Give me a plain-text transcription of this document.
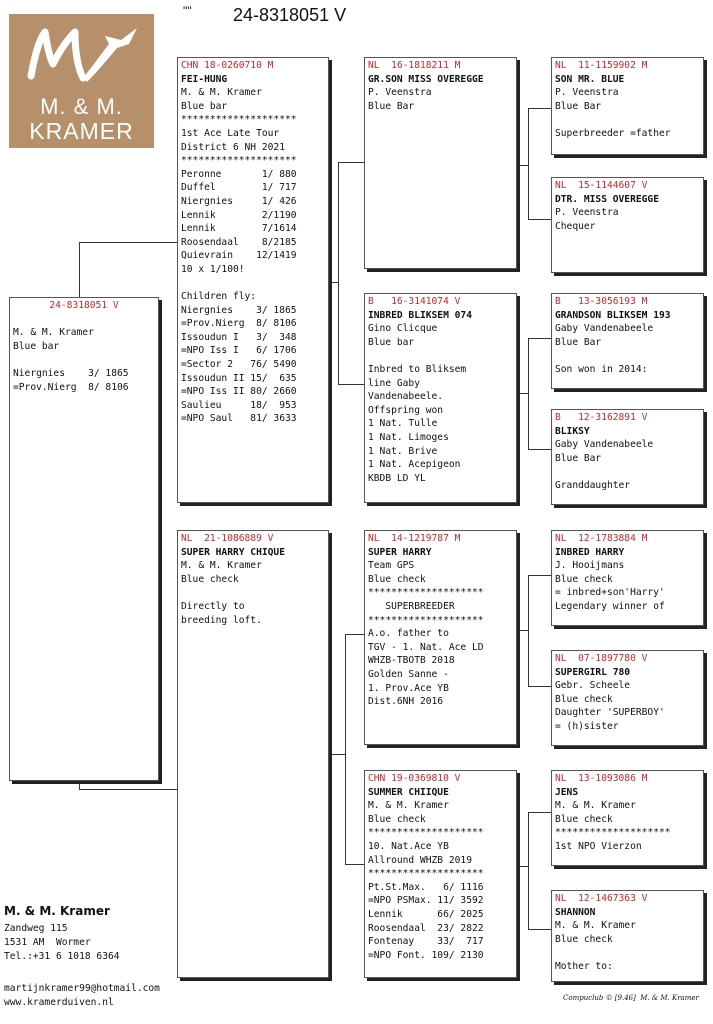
M. & M.
KRAMER
"" 24-8318051 V
24-8318051 V
M. & M. Kramer
Blue bar
Niergnies    3/ 1865
=Prov.Nierg  8/ 8106
CHN 18-0260710 M
FEI-HUNG
M. & M. Kramer
Blue bar
********************
1st Ace Late Tour
District 6 NH 2021
********************
Peronne       1/ 880
Duffel        1/ 717
Niergnies     1/ 426
Lennik        2/1190
Lennik        7/1614
Roosendaal    8/2185
Quievrain    12/1419
10 x 1/100!
Children fly:
Niergnies    3/ 1865
=Prov.Nierg  8/ 8106
Issoudun I   3/  348
=NPO Iss I   6/ 1706
=Sector 2   76/ 5490
Issoudun II 15/  635
=NPO Iss II 80/ 2660
Saulieu     18/  953
=NPO Saul   81/ 3633
NL  21-1086889 V
SUPER HARRY CHIQUE
M. & M. Kramer
Blue check
Directly to
breeding loft.
NL  16-1818211 M
GR.SON MISS OVEREGGE
P. Veenstra
Blue Bar
B   16-3141074 V
INBRED BLIKSEM 074
Gino Clicque
Blue bar
Inbred to Bliksem
line Gaby
Vandenabeele.
Offspring won
1 Nat. Tulle
1 Nat. Limoges
1 Nat. Brive
1 Nat. Acepigeon
KBDB LD YL
NL  14-1219787 M
SUPER HARRY
Team GPS
Blue check
********************
SUPERBREEDER
********************
A.o. father to
TGV - 1. Nat. Ace LD
WHZB-TBOTB 2018
Golden Sanne -
1. Prov.Ace YB
Dist.6NH 2016
CHN 19-0369810 V
SUMMER CHIIQUE
M. & M. Kramer
Blue check
********************
10. Nat.Ace YB
Allround WHZB 2019
********************
Pt.St.Max.   6/ 1116
=NPO PSMax. 11/ 3592
Lennik      66/ 2025
Roosendaal  23/ 2822
Fontenay    33/  717
=NPO Font. 109/ 2130
NL  11-1159902 M
SON MR. BLUE
P. Veenstra
Blue Bar
Superbreeder =father
NL  15-1144607 V
DTR. MISS OVEREGGE
P. Veenstra
Chequer
B   13-3056193 M
GRANDSON BLIKSEM 193
Gaby Vandenabeele
Blue Bar
Son won in 2014:
B   12-3162891 V
BLIKSY
Gaby Vandenabeele
Blue Bar
Granddaughter
NL  12-1783884 M
INBRED HARRY
J. Hooijmans
Blue check
= inbred+son'Harry'
Legendary winner of
NL  07-1897780 V
SUPERGIRL 780
Gebr. Scheele
Blue check
Daughter 'SUPERBOY'
= (h)sister
NL  13-1093086 M
JENS
M. & M. Kramer
Blue check
********************
1st NPO Vierzon
NL  12-1467363 V
SHANNON
M. & M. Kramer
Blue check
Mother to:
M. & M. Kramer
Zandweg 115
1531 AM  Wormer
Tel.:+31 6 1018 6364
martijnkramer99@hotmail.com
www.kramerduiven.nl	Compuclub © [9.46]  M. & M. Kramer
